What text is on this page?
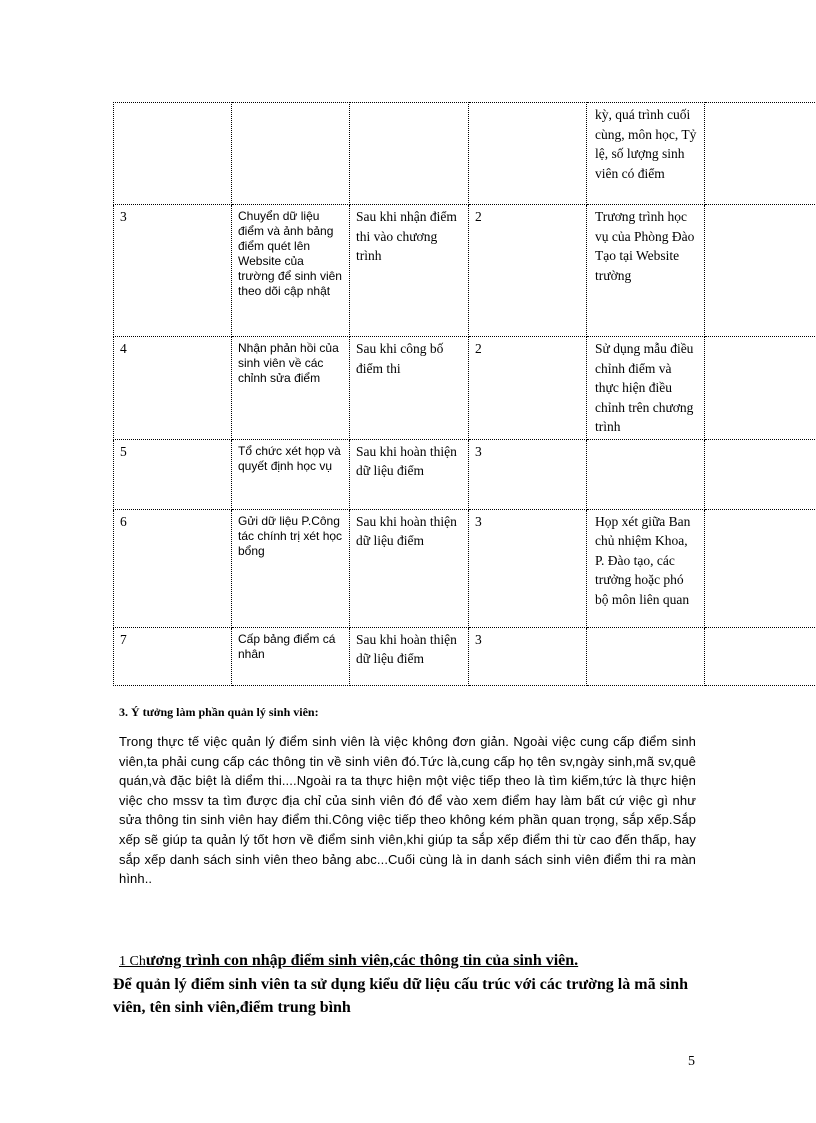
				kỳ, quá trình cuối cùng, môn học, Tỷ lệ, số lượng sinh viên có điểm	
3	Chuyển dữ liệu điểm và ảnh bảng điểm quét lên Website của trường để sinh viên theo dõi cập nhật	Sau khi nhận điểm thi vào chương trình	2	Trương trình học vụ của Phòng Đào Tạo tại Website trường	
4	Nhận phản hồi của sinh viên về các chỉnh sửa điểm	Sau khi công bố điểm thi	2	Sử dụng mẫu điều chỉnh điểm và thực hiện điều chỉnh trên chương trình	
5	Tổ chức xét họp và quyết định học vụ	Sau khi hoàn thiện dữ liệu điểm	3		
6	Gửi dữ liệu P.Công tác chính trị xét học bổng	Sau khi hoàn thiện dữ liệu điểm	3	Họp xét giữa Ban chủ nhiệm Khoa, P. Đào tạo, các trưởng hoặc phó bộ môn liên quan	
7	Cấp bảng điểm cá nhân	Sau khi hoàn thiện dữ liệu điểm	3		
3. Ý tưởng làm phần quản lý sinh viên:
Trong thực tế việc quản lý điểm sinh viên là việc không đơn giản. Ngoài việc cung cấp điểm sinh viên,ta phải cung cấp các thông tin về sinh viên đó.Tức là,cung cấp họ tên sv,ngày sinh,mã sv,quê quán,và đặc biệt là diểm thi....Ngoài ra ta thực hiện một việc tiếp theo là tìm kiếm,tức là thực hiện việc cho mssv ta tìm được địa chỉ của sinh viên đó để vào xem điểm hay làm bất cứ việc gì như sửa thông tin sinh viên hay điểm thi.Công việc tiếp theo không kém phần quan trọng, sắp xếp.Sắp xếp sẽ giúp ta quản lý tốt hơn về điểm sinh viên,khi giúp ta sắp xếp điểm thi từ cao đến thấp, hay sắp xếp danh sách sinh viên theo bảng abc...Cuối cùng là in danh sách sinh viên điểm thi ra màn hình..
1 Chương trình con nhập điểm sinh viên,các thông tin của sinh viên.
Để quản lý điểm sinh viên ta sử dụng kiểu dữ liệu cấu trúc với các trường là mã sinh viên, tên sinh viên,điểm trung bình
5
